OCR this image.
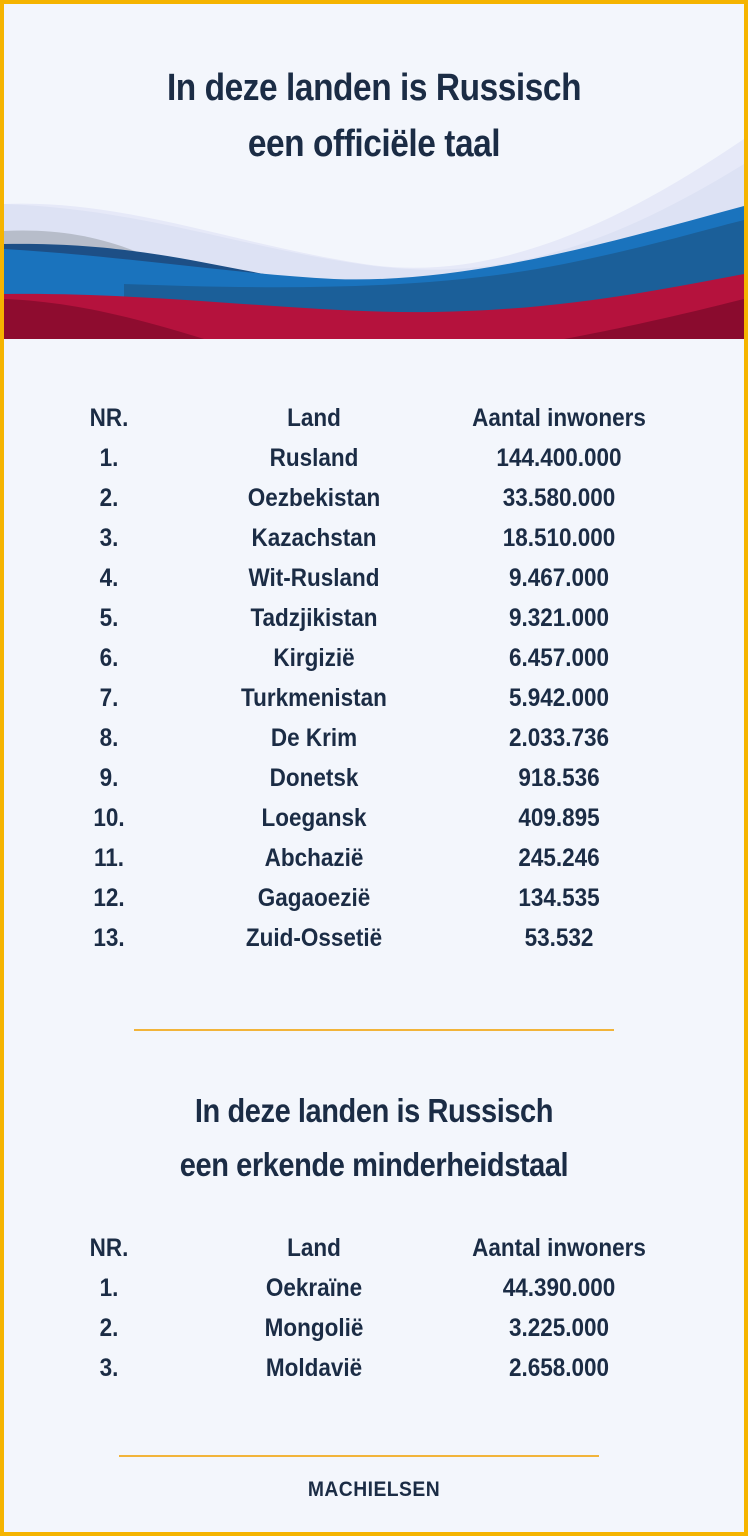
In deze landen is Russisch
een officiële taal
NR.	Land	Aantal inwoners
1.	Rusland	144.400.000
2.	Oezbekistan	33.580.000
3.	Kazachstan	18.510.000
4.	Wit-Rusland	9.467.000
5.	Tadzjikistan	9.321.000
6.	Kirgizië	6.457.000
7.	Turkmenistan	5.942.000
8.	De Krim	2.033.736
9.	Donetsk	918.536
10.	Loegansk	409.895
11.	Abchazië	245.246
12.	Gagaoezië	134.535
13.	Zuid-Ossetië	53.532
In deze landen is Russisch
een erkende minderheidstaal
NR.	Land	Aantal inwoners
1.	Oekraïne	44.390.000
2.	Mongolië	3.225.000
3.	Moldavië	2.658.000
MACHIELSEN
